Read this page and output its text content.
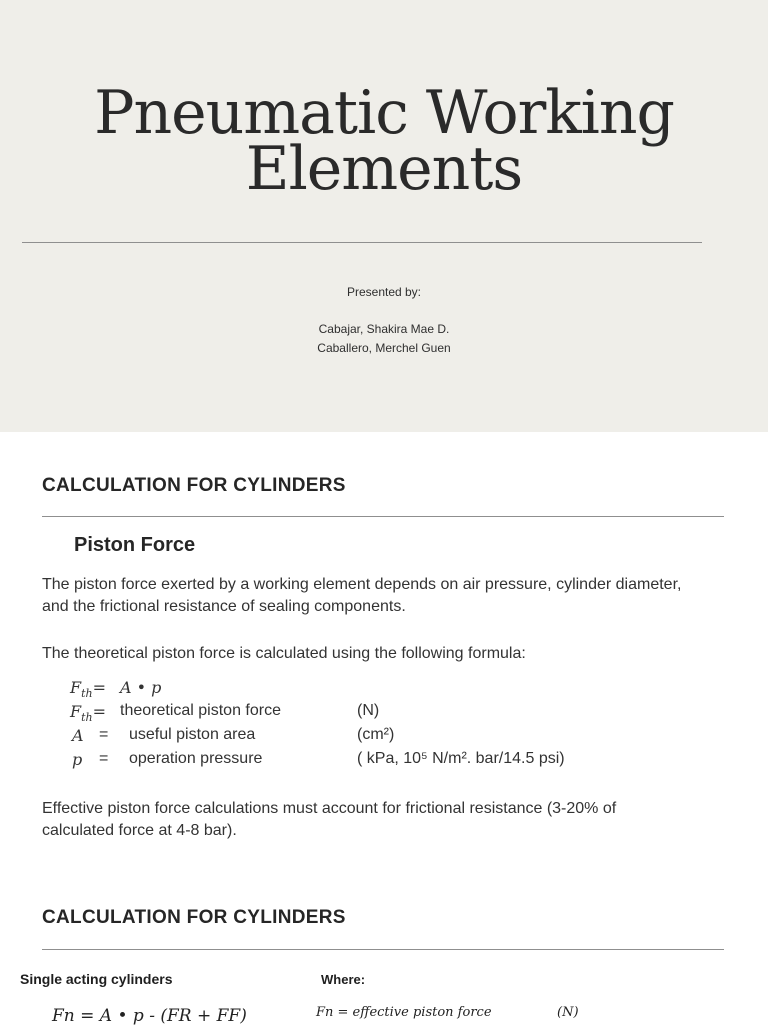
Pneumatic Working
Elements
Presented by:
Cabajar, Shakira Mae D.
Caballero, Merchel Guen
CALCULATION FOR CYLINDERS
Piston Force
The piston force exerted by a working element depends on air pressure, cylinder diameter, and the frictional resistance of sealing components.
The theoretical piston force is calculated using the following formula:
$F_{th}= A$ • p
$F_{th}=$ theoretical piston force	(N)
A = useful piston area	(cm²)
p = operation pressure	( kPa, 10⁵ N/m². bar/14.5 psi)
Effective piston force calculations must account for frictional resistance (3-20% of calculated force at 4-8 bar).
CALCULATION FOR CYLINDERS
Single acting cylinders	Where:
Fn = A • p - (FR + FF)	Fn = effective piston force	(N)
